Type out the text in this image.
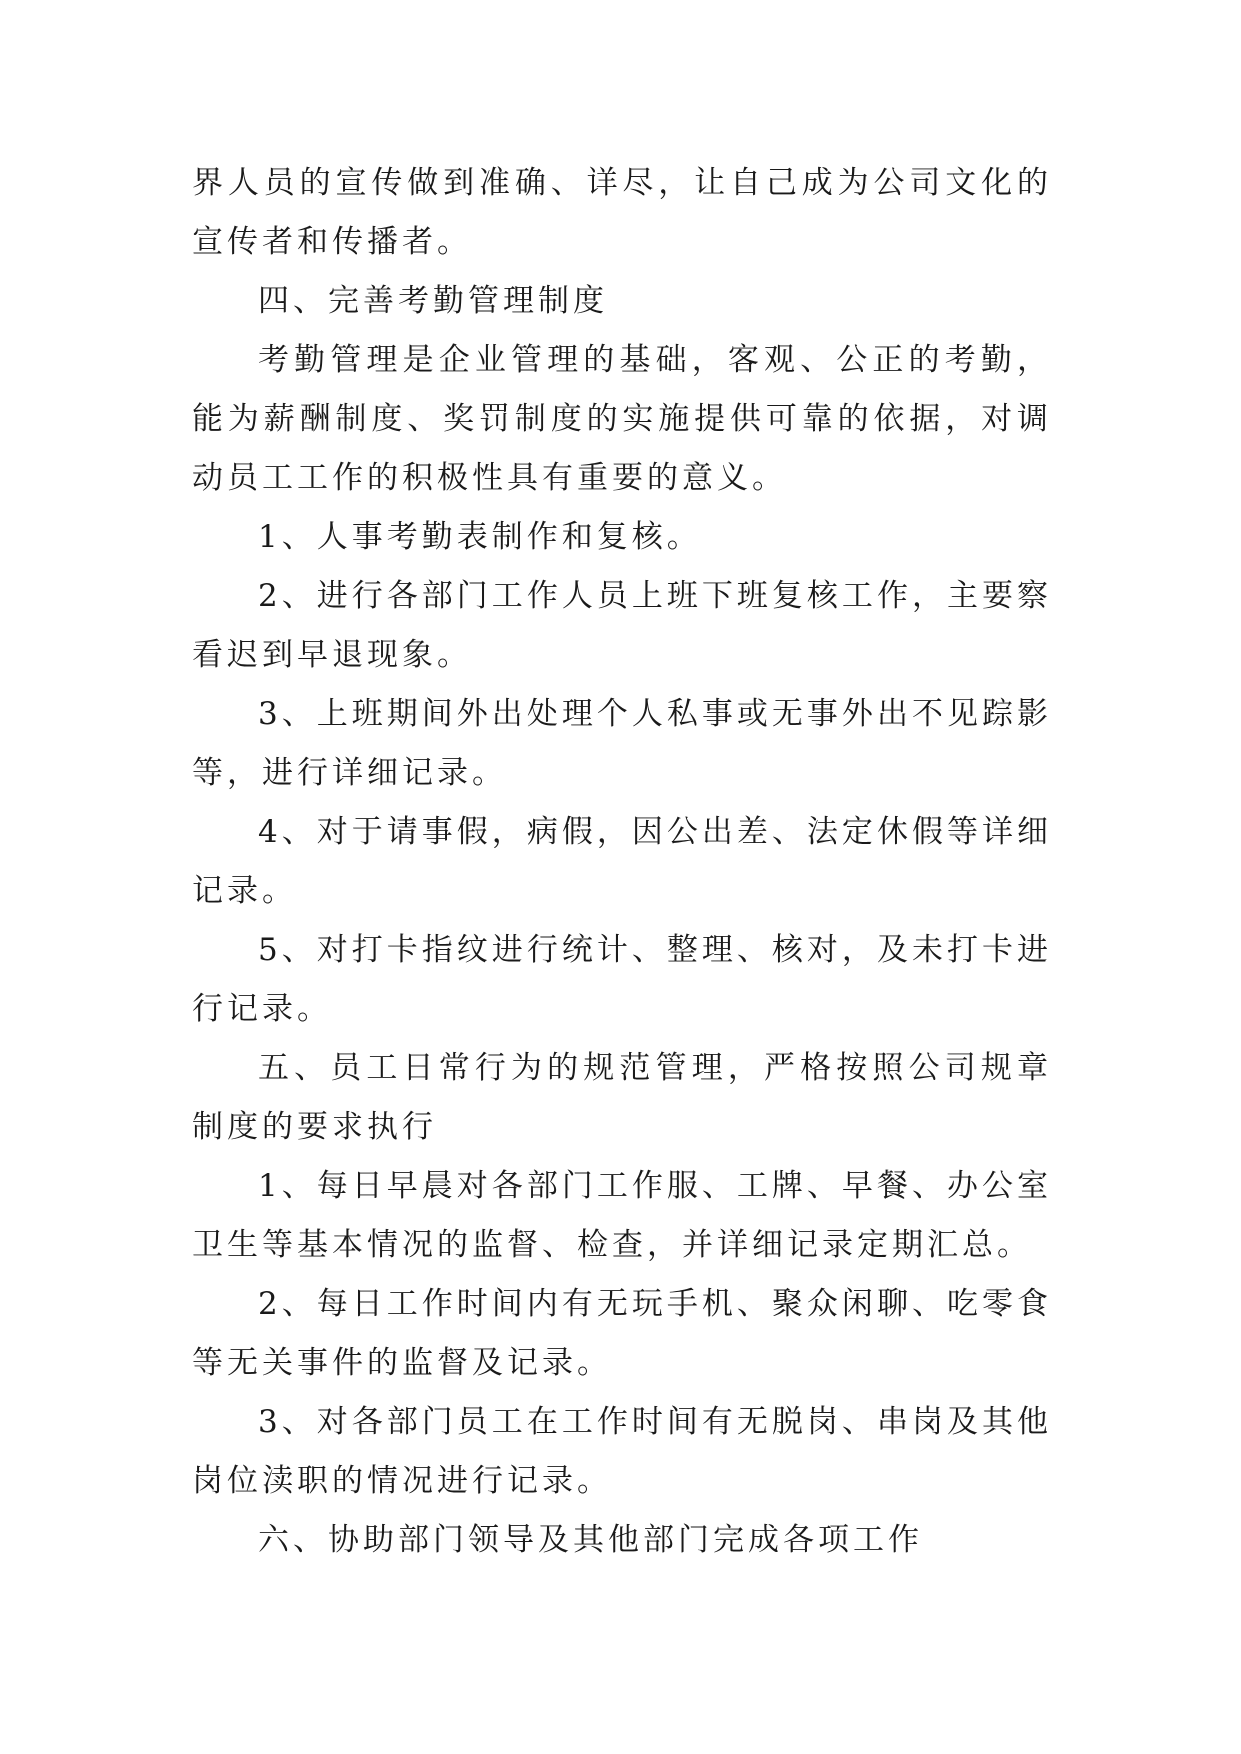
界人员的宣传做到准确、详尽，让自己成为公司文化的宣传者和传播者。

四、完善考勤管理制度

考勤管理是企业管理的基础，客观、公正的考勤，能为薪酬制度、奖罚制度的实施提供可靠的依据，对调动员工工作的积极性具有重要的意义。

1、人事考勤表制作和复核。

2、进行各部门工作人员上班下班复核工作，主要察看迟到早退现象。

3、上班期间外出处理个人私事或无事外出不见踪影等，进行详细记录。

4、对于请事假，病假，因公出差、法定休假等详细记录。

5、对打卡指纹进行统计、整理、核对，及未打卡进行记录。

五、员工日常行为的规范管理，严格按照公司规章制度的要求执行

1、每日早晨对各部门工作服、工牌、早餐、办公室卫生等基本情况的监督、检查，并详细记录定期汇总。

2、每日工作时间内有无玩手机、聚众闲聊、吃零食等无关事件的监督及记录。

3、对各部门员工在工作时间有无脱岗、串岗及其他岗位渎职的情况进行记录。

六、协助部门领导及其他部门完成各项工作
